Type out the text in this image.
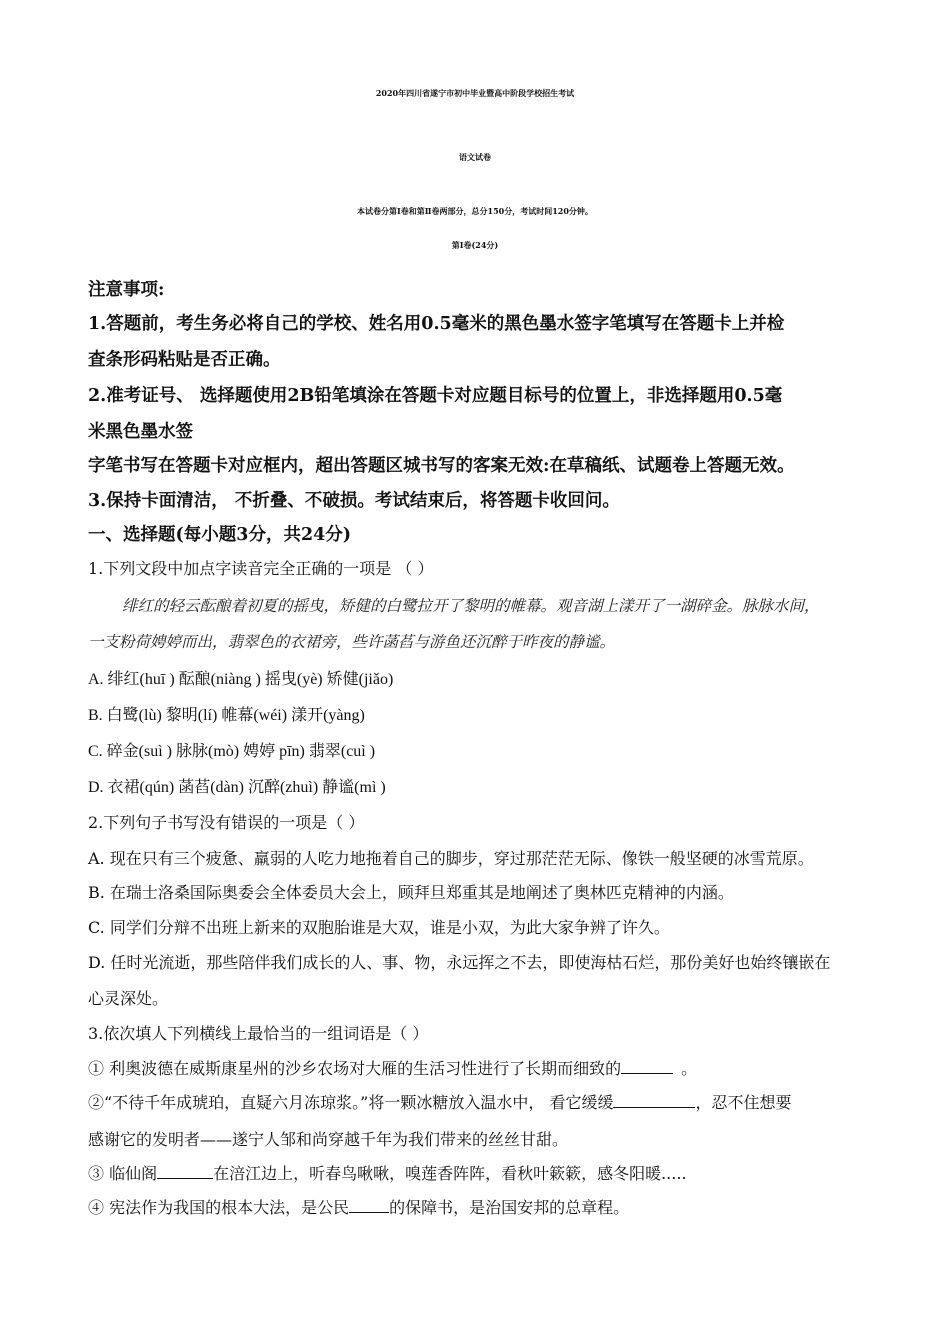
2020年四川省遂宁市初中毕业暨高中阶段学校招生考试
语文试卷
本试卷分第Ⅰ卷和第Ⅱ卷两部分，总分150分，考试时间120分钟。
第Ⅰ卷(24分)
注意事项:
1.答题前，考生务必将自己的学校、姓名用0.5毫米的黑色墨水签字笔填写在答题卡上并检
查条形码粘贴是否正确。
2.准考证号、 选择题使用2B铅笔填涂在答题卡对应题目标号的位置上，非选择题用0.5毫
米黑色墨水签
字笔书写在答题卡对应框内，超出答题区城书写的客案无效:在草稿纸、试题卷上答题无效。
3.保持卡面清洁， 不折叠、不破损。考试结束后，将答题卡收回问。
一、选择题(每小题3分，共24分)
1.下列文段中加点字读音完全正确的一项是 （ ）
绯红的轻云酝酿着初夏的摇曳，矫健的白鹭拉开了黎明的帷幕。观音湖上漾开了一湖碎金。脉脉水间，
一支粉荷娉婷而出，翡翠色的衣裙旁，些许菡萏与游鱼还沉醉于昨夜的静谧。
A. 绯红(huī ) 酝酿(niàng ) 摇曳(yè) 矫健(jiǎo)
B. 白鹭(lù) 黎明(lí) 帷幕(wéi) 漾开(yàng)
C. 碎金(suì ) 脉脉(mò) 娉婷 pīn) 翡翠(cuì )
D. 衣裙(qún) 菡萏(dàn) 沉醉(zhuì) 静谧(mì )
2.下列句子书写没有错误的一项是（ ）
A. 现在只有三个疲惫、羸弱的人吃力地拖着自己的脚步，穿过那茫茫无际、像铁一般坚硬的冰雪荒原。
B. 在瑞士洛桑国际奥委会全体委员大会上，顾拜旦郑重其是地阐述了奥林匹克精神的内涵。
C. 同学们分辩不出班上新来的双胞胎谁是大双，谁是小双，为此大家争辨了许久。
D. 任时光流逝，那些陪伴我们成长的人、事、物，永远挥之不去，即使海枯石烂，那份美好也始终镶嵌在
心灵深处。
3.依次填人下列横线上最恰当的一组词语是（ ）
① 利奥波德在威斯康星州的沙乡农场对大雁的生活习性进行了长期而细致的	。
②“不待千年成琥珀，直疑六月冻琼浆。”将一颗冰糖放入温水中， 看它缓缓	，忍不住想要
感谢它的发明者——遂宁人邹和尚穿越千年为我们带来的丝丝甘甜。
③ 临仙阁	在涪江边上，听春鸟啾啾，嗅莲香阵阵，看秋叶簌簌，感冬阳暖.....
④ 宪法作为我国的根本大法，是公民	的保障书，是治国安邦的总章程。
